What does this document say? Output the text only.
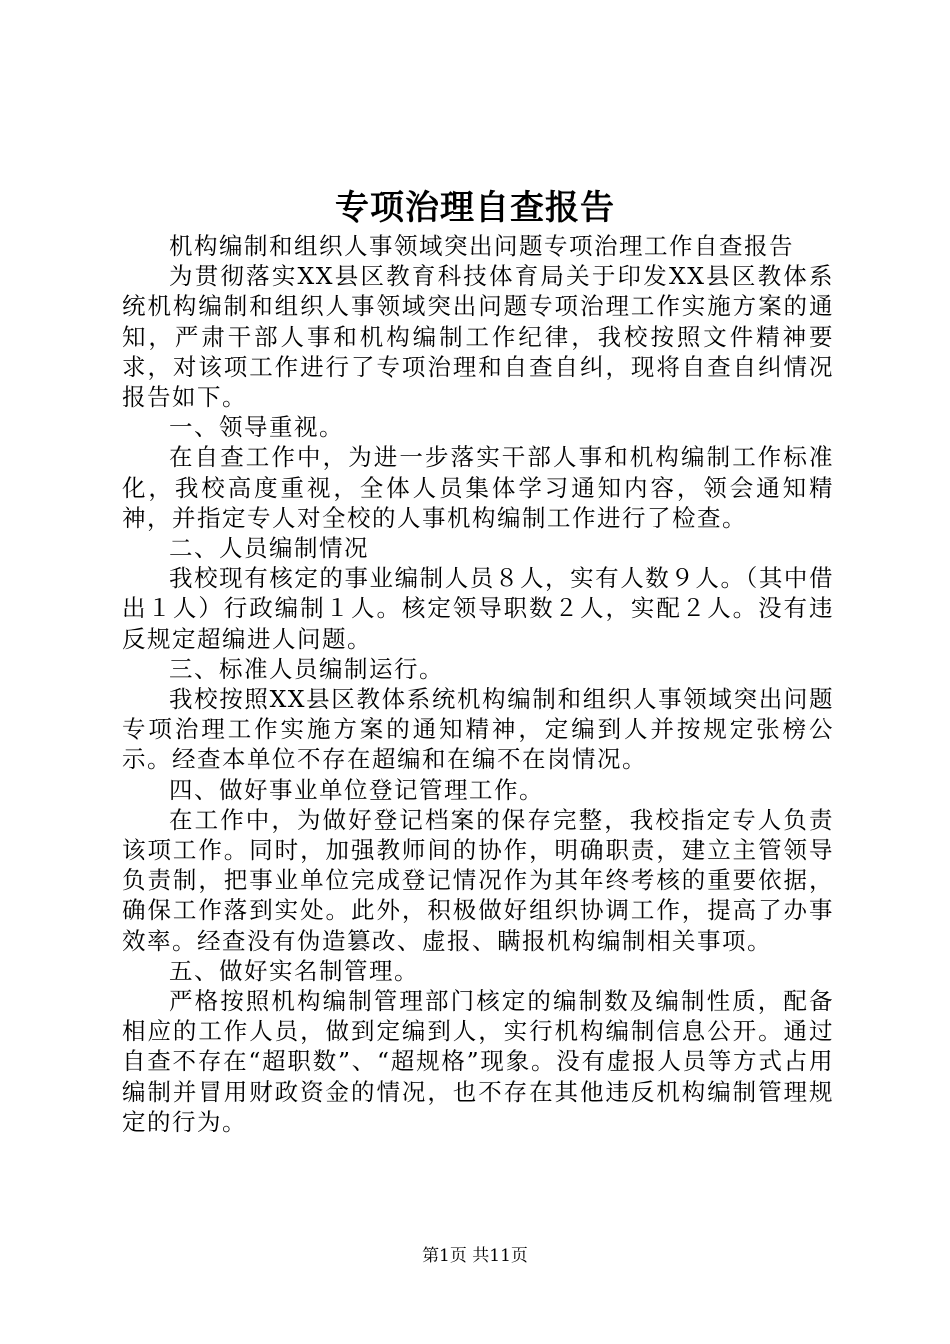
专项治理自查报告

机构编制和组织人事领域突出问题专项治理工作自查报告

为贯彻落实XX县区教育科技体育局关于印发XX县区教体系统机构编制和组织人事领域突出问题专项治理工作实施方案的通知，严肃干部人事和机构编制工作纪律，我校按照文件精神要求，对该项工作进行了专项治理和自查自纠，现将自查自纠情况报告如下。

一、领导重视。

在自查工作中，为进一步落实干部人事和机构编制工作标准化，我校高度重视，全体人员集体学习通知内容，领会通知精神，并指定专人对全校的人事机构编制工作进行了检查。

二、人员编制情况

我校现有核定的事业编制人员８人，实有人数９人。（其中借出１人）行政编制１人。核定领导职数２人，实配２人。没有违反规定超编进人问题。

三、标准人员编制运行。

我校按照XX县区教体系统机构编制和组织人事领域突出问题专项治理工作实施方案的通知精神，定编到人并按规定张榜公示。经查本单位不存在超编和在编不在岗情况。

四、做好事业单位登记管理工作。

在工作中，为做好登记档案的保存完整，我校指定专人负责该项工作。同时，加强教师间的协作，明确职责，建立主管领导负责制，把事业单位完成登记情况作为其年终考核的重要依据，确保工作落到实处。此外，积极做好组织协调工作，提高了办事效率。经查没有伪造篡改、虚报、瞒报机构编制相关事项。

五、做好实名制管理。

严格按照机构编制管理部门核定的编制数及编制性质，配备相应的工作人员，做到定编到人，实行机构编制信息公开。通过自查不存在“超职数”、“超规格”现象。没有虚报人员等方式占用编制并冒用财政资金的情况，也不存在其他违反机构编制管理规定的行为。

第1页 共11页
